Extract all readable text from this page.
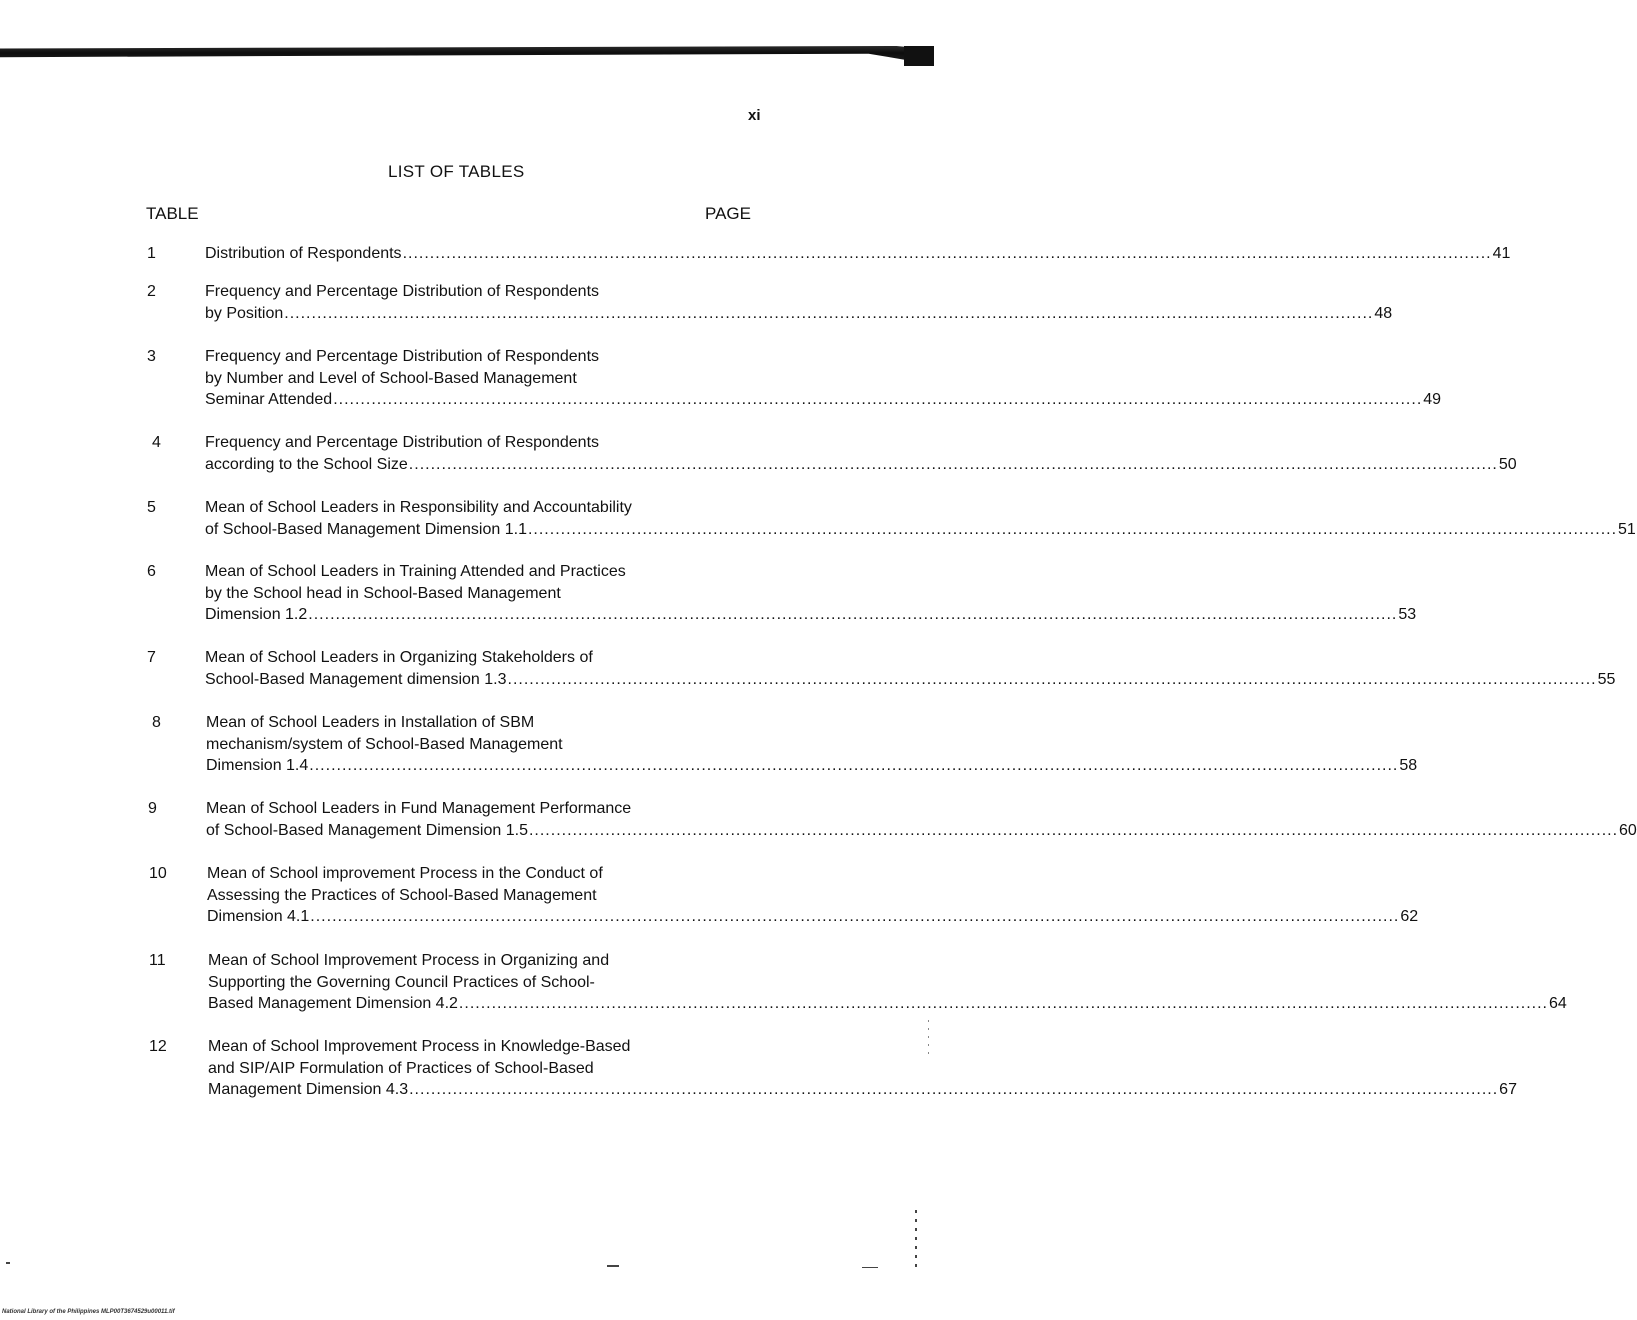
xi
LIST OF TABLES
TABLE	PAGE
1	Distribution of Respondents ........................................................................................................................................................................................................ 41
2	Frequency and Percentage Distribution of Respondents
by Position ........................................................................................................................................................................................................ 48
3	Frequency and Percentage Distribution of Respondents
by Number and Level of School-Based Management
Seminar Attended ........................................................................................................................................................................................................ 49
4	Frequency and Percentage Distribution of Respondents
according to the School Size ........................................................................................................................................................................................................ 50
5	Mean of School Leaders in Responsibility and Accountability
of School-Based Management Dimension 1.1 ........................................................................................................................................................................................................ 51
6	Mean of School Leaders in Training Attended and Practices
by the School head in School-Based Management
Dimension 1.2 ........................................................................................................................................................................................................ 53
7	Mean of School Leaders in Organizing Stakeholders of
School-Based Management dimension 1.3 ........................................................................................................................................................................................................ 55
8	Mean of School Leaders in Installation of SBM
mechanism/system of School-Based Management
Dimension 1.4 ........................................................................................................................................................................................................ 58
9	Mean of School Leaders in Fund Management Performance
of School-Based Management Dimension 1.5 ........................................................................................................................................................................................................ 60
10	Mean of School improvement Process in the Conduct of
Assessing the Practices of School-Based Management
Dimension 4.1 ........................................................................................................................................................................................................ 62
11	Mean of School Improvement Process in Organizing and
Supporting the Governing Council Practices of School-
Based Management Dimension 4.2 ........................................................................................................................................................................................................ 64
12	Mean of School Improvement Process in Knowledge-Based
and SIP/AIP Formulation of Practices of School-Based
Management Dimension 4.3 ........................................................................................................................................................................................................ 67
National Library of the Philippines MLP00T3674529u00011.tif
